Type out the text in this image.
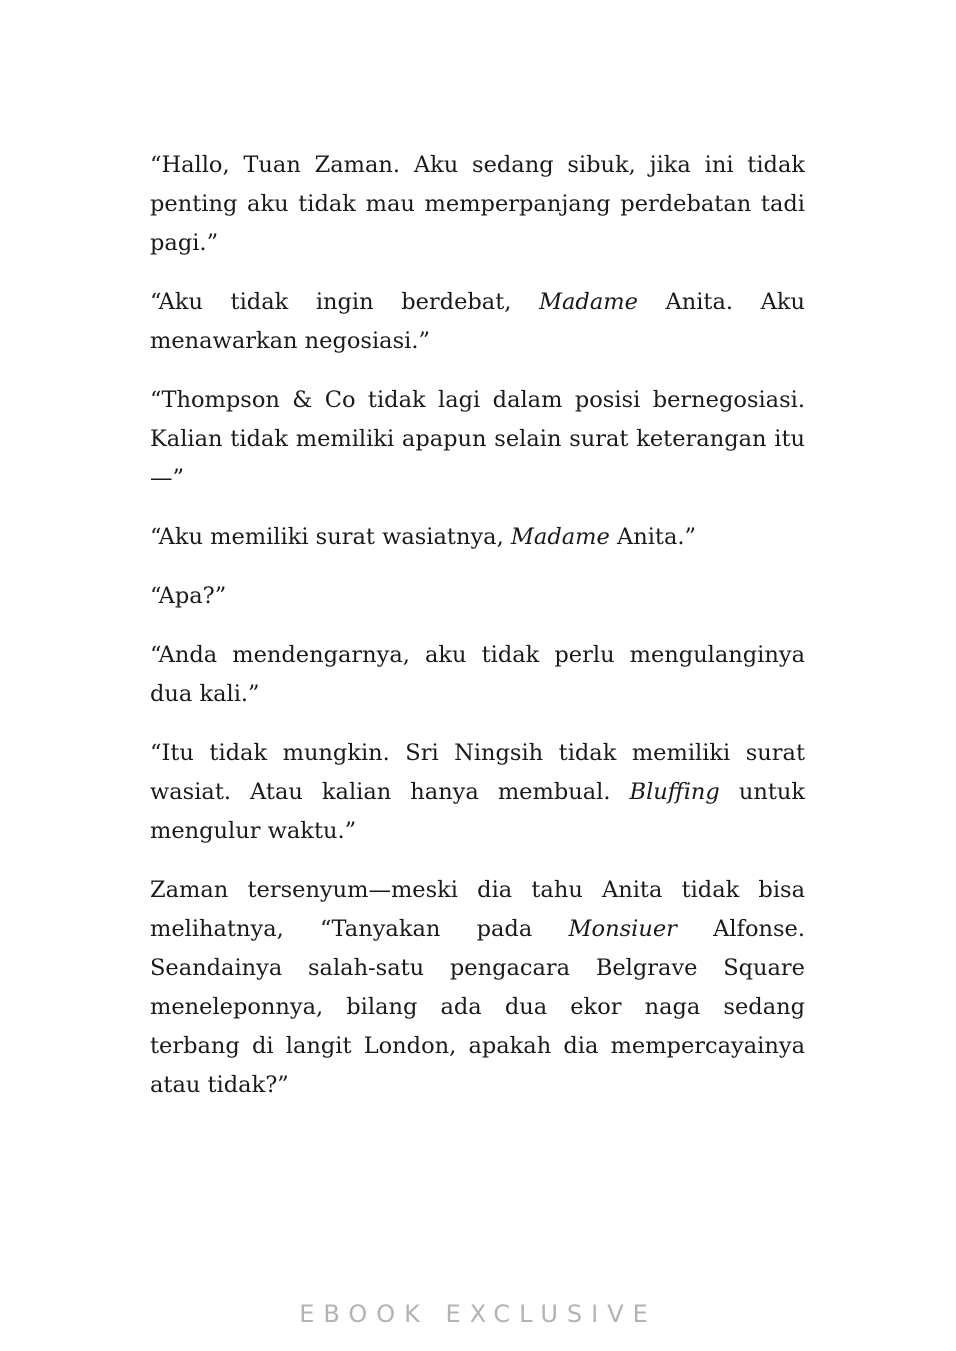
“Hallo, Tuan Zaman. Aku sedang sibuk, jika ini tidak penting aku tidak mau memperpanjang perdebatan tadi pagi.”

“Aku tidak ingin berdebat, Madame Anita. Aku menawarkan negosiasi.”

“Thompson & Co tidak lagi dalam posisi bernegosiasi. Kalian tidak memiliki apapun selain surat keterangan itu—”

“Aku memiliki surat wasiatnya, Madame Anita.”

“Apa?”

“Anda mendengarnya, aku tidak perlu mengulanginya dua kali.”

“Itu tidak mungkin. Sri Ningsih tidak memiliki surat wasiat. Atau kalian hanya membual. Bluffing untuk mengulur waktu.”

Zaman tersenyum—meski dia tahu Anita tidak bisa melihatnya, “Tanyakan pada Monsiuer Alfonse. Seandainya salah-satu pengacara Belgrave Square meneleponnya, bilang ada dua ekor naga sedang terbang di langit London, apakah dia mempercayainya atau tidak?”

EBOOK EXCLUSIVE
